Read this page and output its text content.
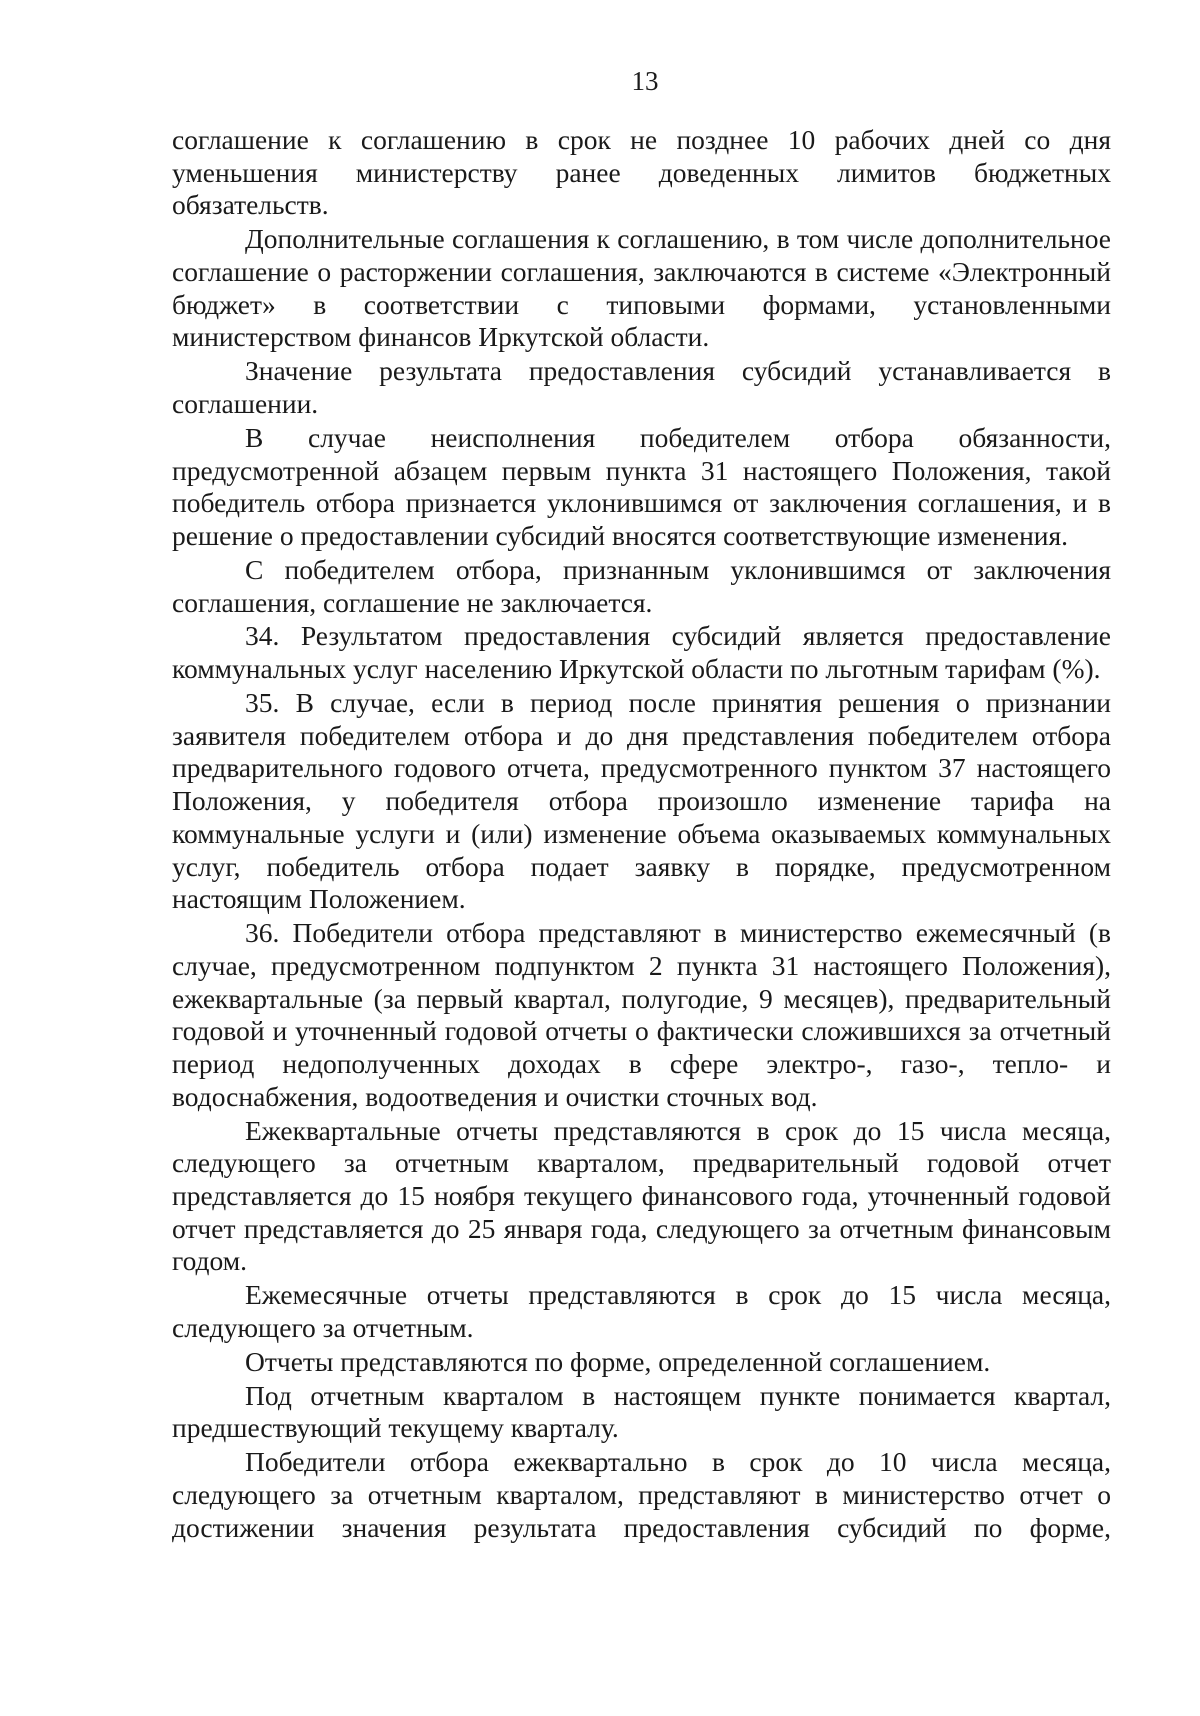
13

соглашение к соглашению в срок не позднее 10 рабочих дней со дня уменьшения министерству ранее доведенных лимитов бюджетных обязательств.

Дополнительные соглашения к соглашению, в том числе дополнительное соглашение о расторжении соглашения, заключаются в системе «Электронный бюджет» в соответствии с типовыми формами, установленными министерством финансов Иркутской области.

Значение результата предоставления субсидий устанавливается в соглашении.

В случае неисполнения победителем отбора обязанности, предусмотренной абзацем первым пункта 31 настоящего Положения, такой победитель отбора признается уклонившимся от заключения соглашения, и в решение о предоставлении субсидий вносятся соответствующие изменения.

С победителем отбора, признанным уклонившимся от заключения соглашения, соглашение не заключается.

34. Результатом предоставления субсидий является предоставление коммунальных услуг населению Иркутской области по льготным тарифам (%).

35. В случае, если в период после принятия решения о признании заявителя победителем отбора и до дня представления победителем отбора предварительного годового отчета, предусмотренного пунктом 37 настоящего Положения, у победителя отбора произошло изменение тарифа на коммунальные услуги и (или) изменение объема оказываемых коммунальных услуг, победитель отбора подает заявку в порядке, предусмотренном настоящим Положением.

36. Победители отбора представляют в министерство ежемесячный (в случае, предусмотренном подпунктом 2 пункта 31 настоящего Положения), ежеквартальные (за первый квартал, полугодие, 9 месяцев), предварительный годовой и уточненный годовой отчеты о фактически сложившихся за отчетный период недополученных доходах в сфере электро-, газо-, тепло- и водоснабжения, водоотведения и очистки сточных вод.

Ежеквартальные отчеты представляются в срок до 15 числа месяца, следующего за отчетным кварталом, предварительный годовой отчет представляется до 15 ноября текущего финансового года, уточненный годовой отчет представляется до 25 января года, следующего за отчетным финансовым годом.

Ежемесячные отчеты представляются в срок до 15 числа месяца, следующего за отчетным.

Отчеты представляются по форме, определенной соглашением.

Под отчетным кварталом в настоящем пункте понимается квартал, предшествующий текущему кварталу.

Победители отбора ежеквартально в срок до 10 числа месяца, следующего за отчетным кварталом, представляют в министерство отчет о достижении значения результата предоставления субсидий по форме,
